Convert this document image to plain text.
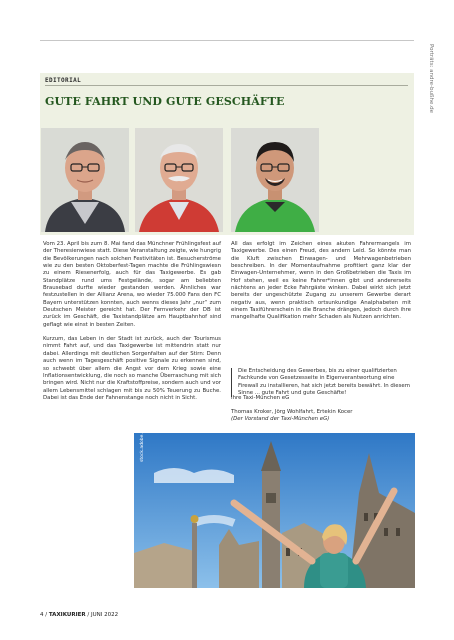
Porträts: andre-bußhe.de
EDITORIAL
GUTE FAHRT UND GUTE GESCHÄFTE

Vom 23. April bis zum 8. Mai fand das Münchner Frühlingsfest auf der Theresienwiese statt. Diese Veranstaltung zeigte, wie hungrig die Bevölkerungen nach solchen Festivitäten ist. Besucherströme wie zu den besten Oktoberfest-Tagen machte die Frühlingswiesn zu einem Riesenerfolg, auch für das Taxigewerbe. Es gab Standplätze rund ums Festgelände, sogar am beliebten Brausebad durfte wieder gestanden werden. Ähnliches war festzustellen in der Allianz Arena, wo wieder 75.000 Fans den FC Bayern unterstützen konnten, auch wenns dieses Jahr „nur“ zum Deutschen Meister gereicht hat. Der Fernverkehr der DB ist zurück im Geschäft, die Taxistandplätze am Hauptbahnhof sind geflagt wie einst in besten Zeiten.

Kurzum, das Leben in der Stadt ist zurück, auch der Tourismus nimmt Fahrt auf, und das Taxigewerbe ist mittendrin statt nur dabei. Allerdings mit deutlichen Sorgenfalten auf der Stirn: Denn auch wenn im Tagesgeschäft positive Signale zu erkennen sind, so schwebt über allem die Angst vor dem Krieg sowie eine Inflationsentwicklung, die noch so manche Überraschung mit sich bringen wird. Nicht nur die Kraftstoffpreise, sondern auch und vor allem Lebensmittel schlagen mit bis zu 50% Teuerung zu Buche. Dabei ist das Ende der Fahnenstange noch nicht in Sicht.

All das erfolgt im Zeichen eines akuten Fahrermangels im Taxigewerbe. Des einen Freud, des andern Leid. So könnte man die Kluft zwischen Einwagen- und Mehrwagenbetrieben beschreiben. In der Momentaufnahme profitiert ganz klar der Einwagen-Unternehmer, wenn in den Großbetrieben die Taxis im Hof stehen, weil es keine Fahrer*innen gibt und andererseits nächtens an jeder Ecke Fahrgäste winken. Dabei wirkt sich jetzt bereits der ungeschützte Zugang zu unserem Gewerbe derart negativ aus, wenn praktisch ortsunkundige Analphabeten mit einem Taxiführerschein in die Branche drängen, jedoch durch ihre mangelhafte Qualifikation mehr Schaden als Nutzen anrichten.

Die Entscheidung des Gewerbes, bis zu einer qualifizierten Fachkunde von Gesetzesseite in Eigenverantwortung eine Firewall zu installieren, hat sich jetzt bereits bewährt. In diesem Sinne ... gute Fahrt und gute Geschäfte!
Ihre Taxi-München eG
Thomas Kroker, Jörg Wohlfahrt, Ertekin Kocer
(Der Vorstand der Taxi-München eG)
stock.adobe.com
4 / TAXIKURIER / JUNI 2022
